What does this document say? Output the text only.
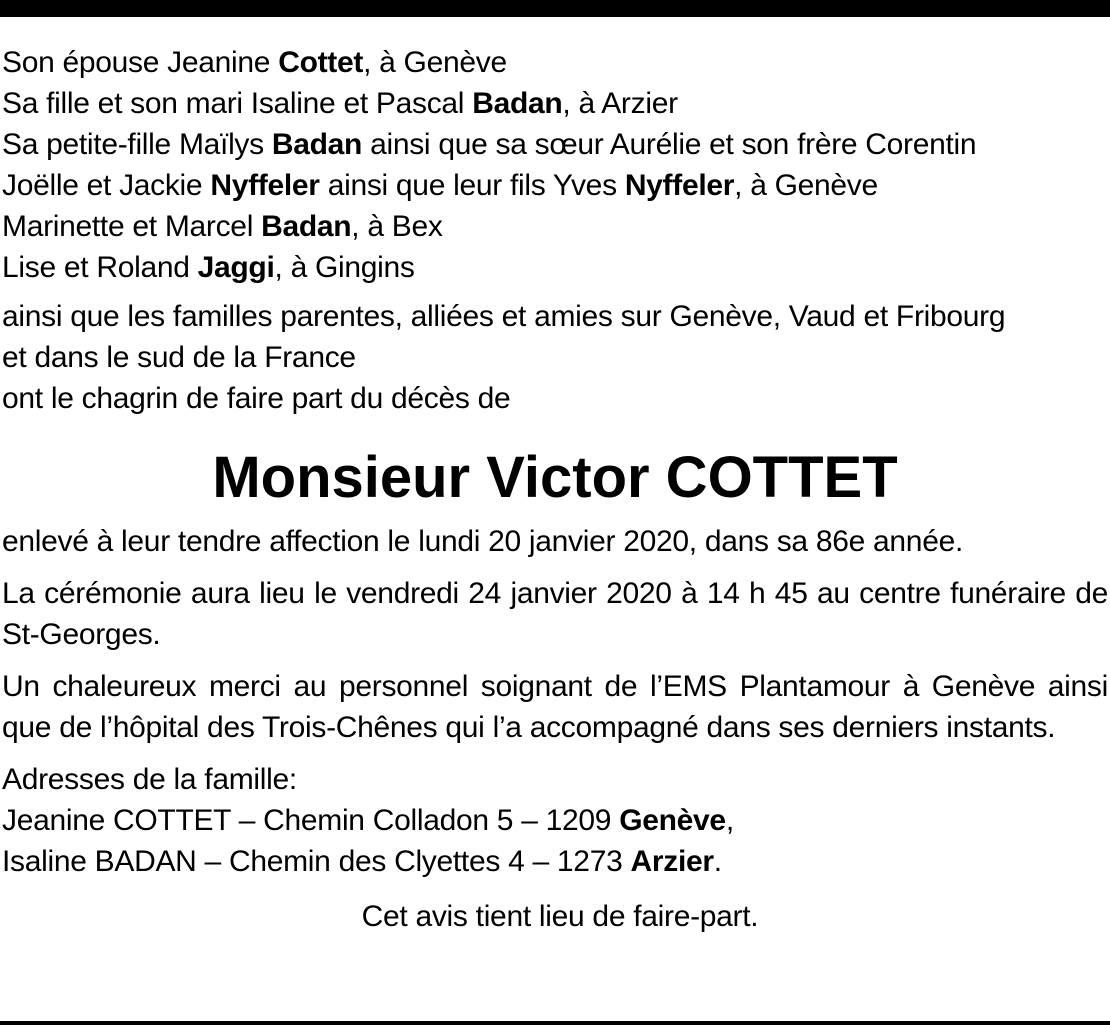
Son épouse Jeanine Cottet, à Genève

Sa fille et son mari Isaline et Pascal Badan, à Arzier

Sa petite-fille Maïlys Badan ainsi que sa sœur Aurélie et son frère Corentin

Joëlle et Jackie Nyffeler ainsi que leur fils Yves Nyffeler, à Genève

Marinette et Marcel Badan, à Bex

Lise et Roland Jaggi, à Gingins

ainsi que les familles parentes, alliées et amies sur Genève, Vaud et Fribourg

et dans le sud de la France

ont le chagrin de faire part du décès de

Monsieur Victor COTTET

enlevé à leur tendre affection le lundi 20 janvier 2020, dans sa 86e année.

La cérémonie aura lieu le vendredi 24 janvier 2020 à 14 h 45 au centre funéraire de St-Georges.

Un chaleureux merci au personnel soignant de l’EMS Plantamour à Genève ainsi que de l’hôpital des Trois-Chênes qui l’a accompagné dans ses derniers instants.

Adresses de la famille:

Jeanine COTTET – Chemin Colladon 5 – 1209 Genève,

Isaline BADAN – Chemin des Clyettes 4 – 1273 Arzier.

Cet avis tient lieu de faire-part.
